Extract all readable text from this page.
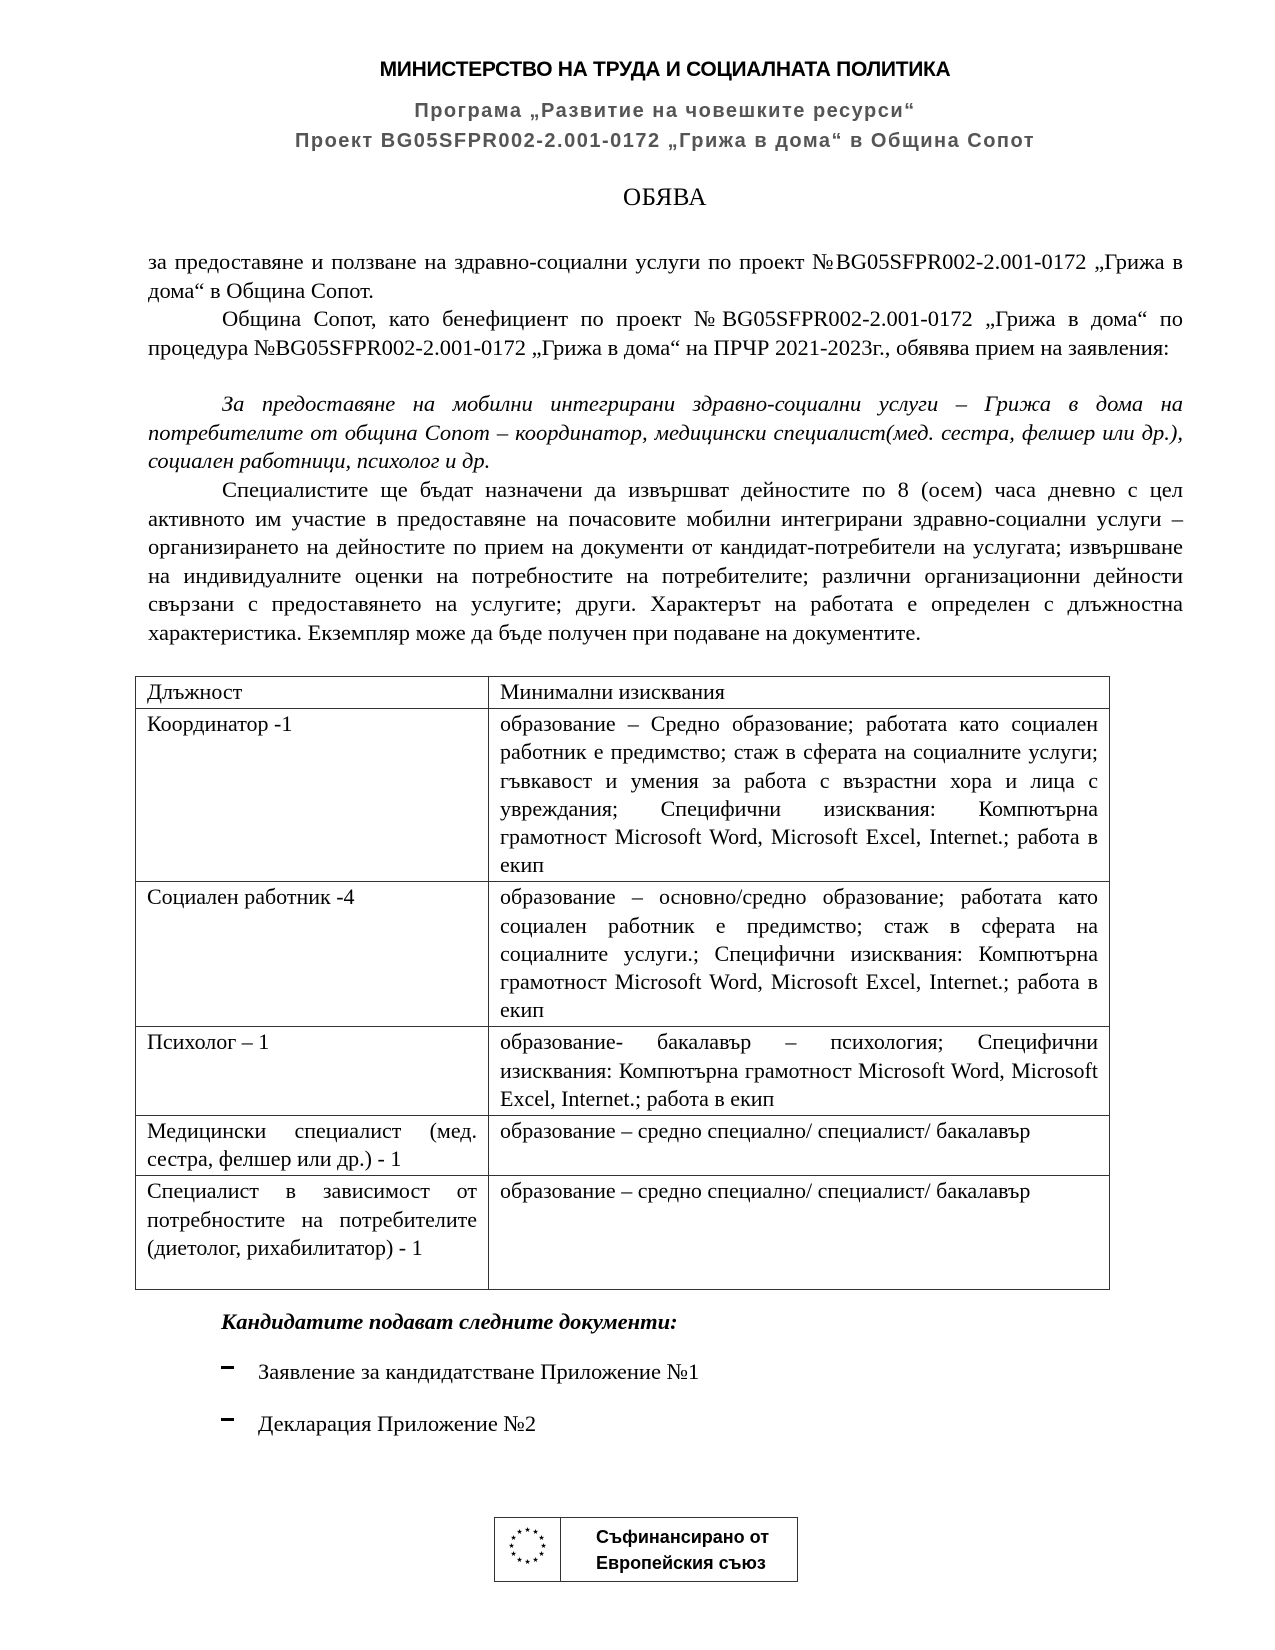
МИНИСТЕРСТВО НА ТРУДА И СОЦИАЛНАТА ПОЛИТИКА
Програма „Развитие на човешките ресурси“
Проект BG05SFPR002-2.001-0172 „Грижа в дома“ в Община Сопот
ОБЯВА
за предоставяне и ползване на здравно-социални услуги по проект №BG05SFPR002-2.001-0172 „Грижа в дома“ в Община Сопот.
Община Сопот, като бенефициент по проект №BG05SFPR002-2.001-0172 „Грижа в дома“ по процедура №BG05SFPR002-2.001-0172 „Грижа в дома“ на ПРЧР 2021-2023г., обявява прием на заявления:
За предоставяне на мобилни интегрирани здравно-социални услуги – Грижа в дома на потребителите от община Сопот – координатор, медицински специалист(мед. сестра, фелшер или др.), социален работници, психолог и др.
Специалистите ще бъдат назначени да извършват дейностите по 8 (осем) часа дневно с цел активното им участие в предоставяне на почасовите мобилни интегрирани здравно-социални услуги – организирането на дейностите по прием на документи от кандидат-потребители на услугата; извършване на индивидуалните оценки на потребностите на потребителите; различни организационни дейности свързани с предоставянето на услугите; други. Характерът на работата е определен с длъжностна характеристика. Екземпляр може да бъде получен при подаване на документите.
Длъжност	Минимални изисквания
Координатор -1	образование – Средно образование; работата като социален работник е предимство; стаж в сферата на социалните услуги; гъвкавост и умения за работа с възрастни хора и лица с увреждания; Специфични изисквания: Компютърна грамотност Microsoft Word, Microsoft Excel, Internet.; работа в екип
Социален работник -4	образование – основно/средно образование; работата като социален работник е предимство; стаж в сферата на социалните услуги.; Специфични изисквания: Компютърна грамотност Microsoft Word, Microsoft Excel, Internet.; работа в екип
Психолог – 1	образование- бакалавър – психология; Специфични изисквания: Компютърна грамотност Microsoft Word, Microsoft Excel, Internet.; работа в екип
Медицински специалист (мед. сестра, фелшер или др.) - 1	образование – средно специално/ специалист/ бакалавър
Специалист в зависимост от потребностите на потребителите (диетолог, рихабилитатор) - 1	образование – средно специално/ специалист/ бакалавър
Кандидатите подават следните документи:
Заявление за кандидатстване Приложение №1
Декларация Приложение №2
★ ★
★
★
★
★
★
★
★
★
★
★	Съфинансирано от
Европейския съюз
